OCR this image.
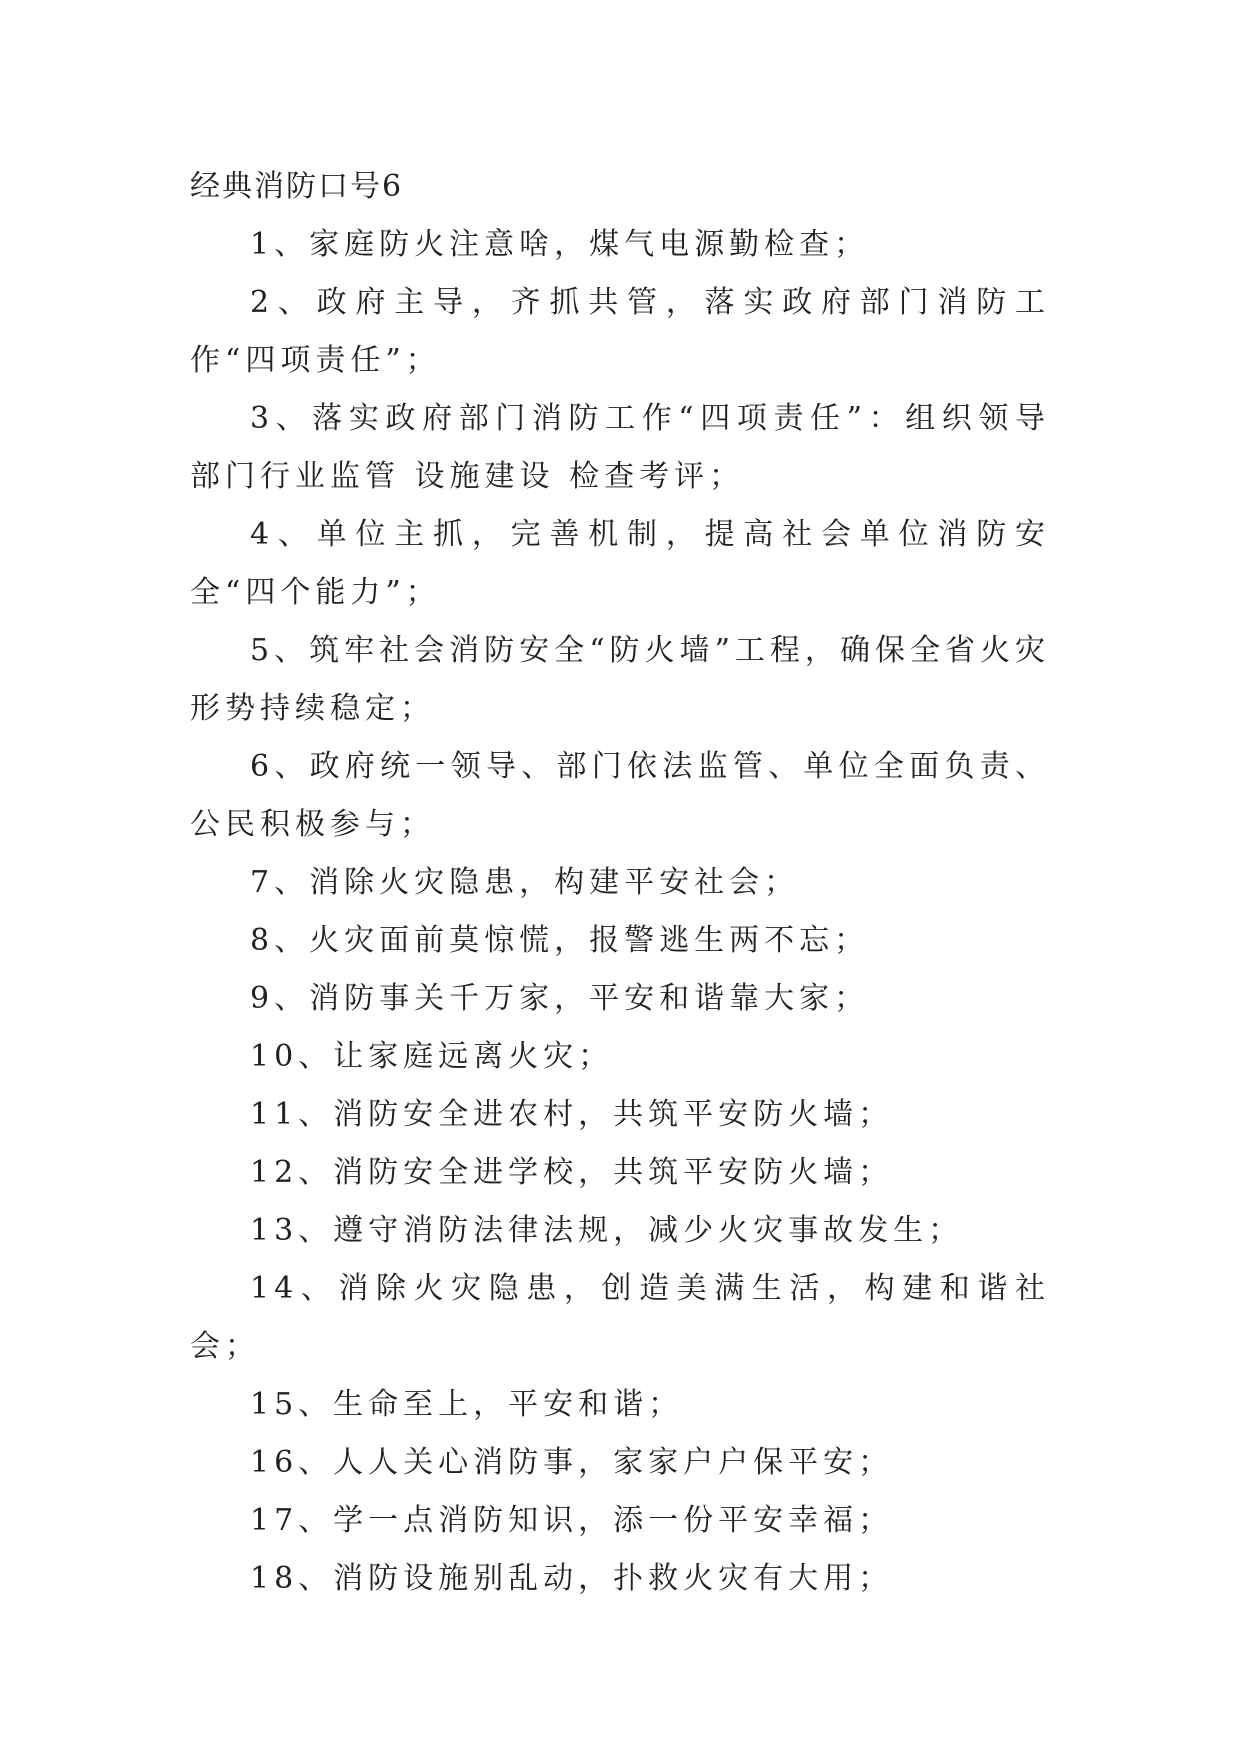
经典消防口号6

1、家庭防火注意啥，煤气电源勤检查；

2、政府主导，齐抓共管，落实政府部门消防工作“四项责任”；

3、落实政府部门消防工作“四项责任”：组织领导 部门行业监管 设施建设 检查考评；

4、单位主抓，完善机制，提高社会单位消防安全“四个能力”；

5、筑牢社会消防安全“防火墙”工程，确保全省火灾形势持续稳定；

6、政府统一领导、部门依法监管、单位全面负责、公民积极参与；

7、消除火灾隐患，构建平安社会；

8、火灾面前莫惊慌，报警逃生两不忘；

9、消防事关千万家，平安和谐靠大家；

10、让家庭远离火灾；

11、消防安全进农村，共筑平安防火墙；

12、消防安全进学校，共筑平安防火墙；

13、遵守消防法律法规，减少火灾事故发生；

14、消除火灾隐患，创造美满生活，构建和谐社会；

15、生命至上，平安和谐；

16、人人关心消防事，家家户户保平安；

17、学一点消防知识，添一份平安幸福；

18、消防设施别乱动，扑救火灾有大用；
